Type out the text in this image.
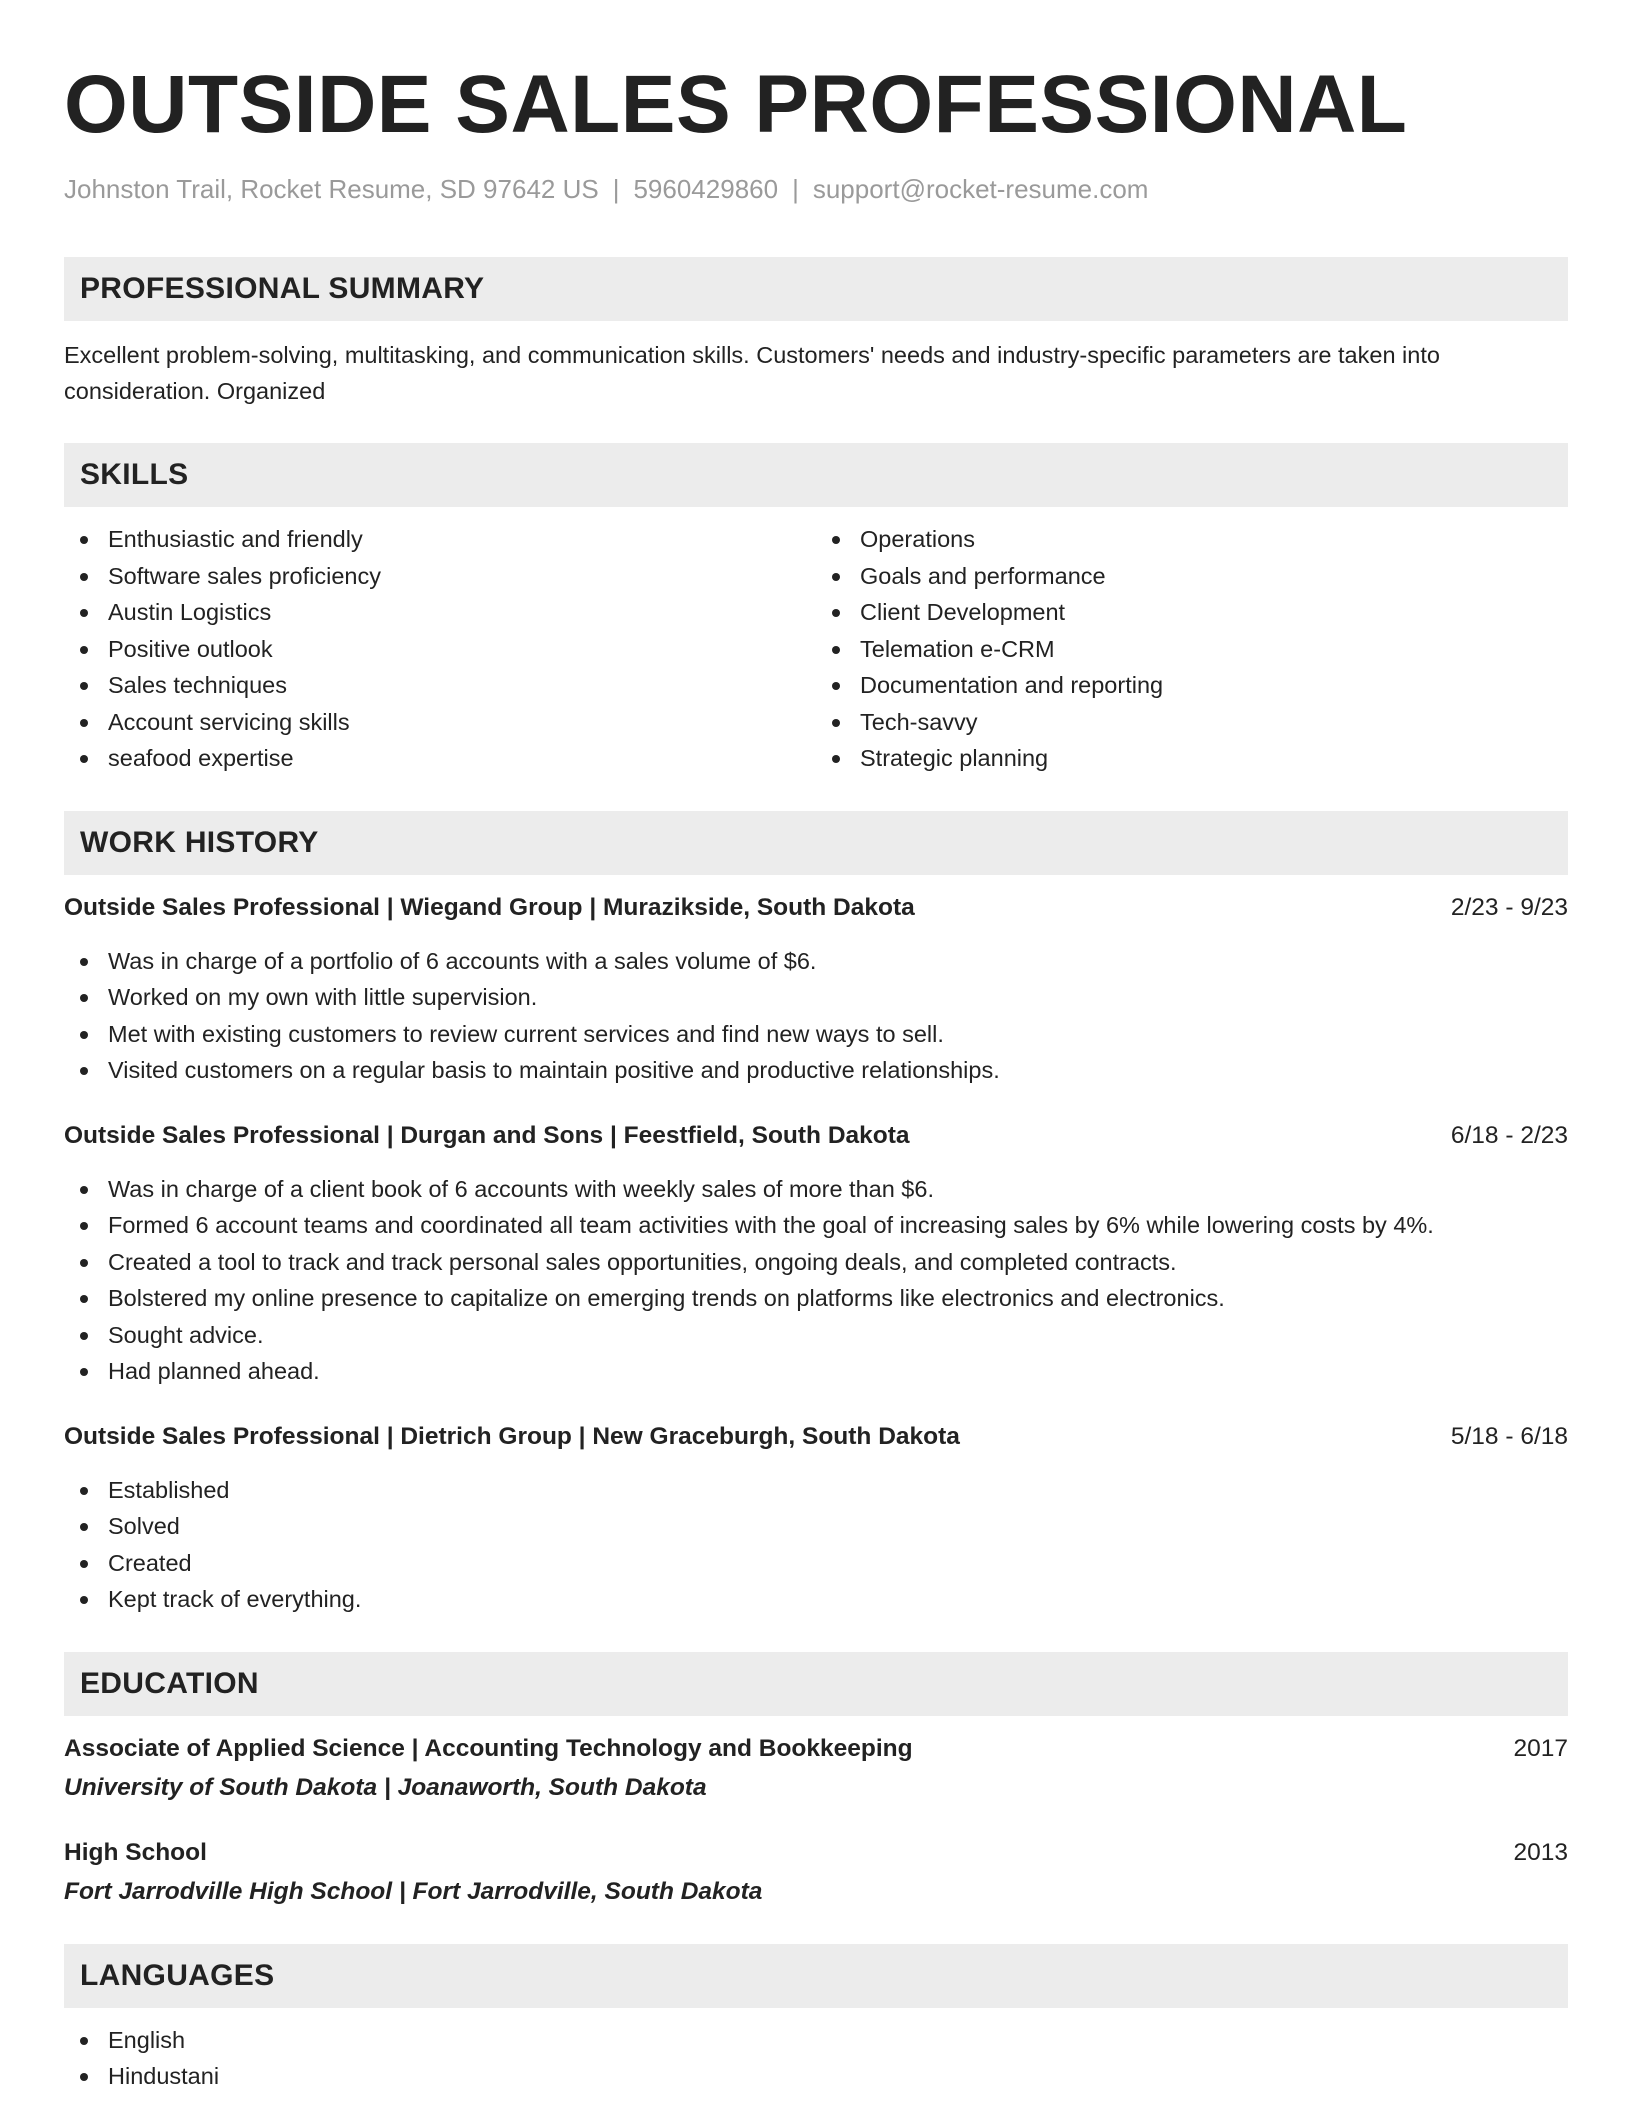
OUTSIDE SALES PROFESSIONAL
Johnston Trail, Rocket Resume, SD 97642 US | 5960429860 | support@rocket-resume.com
PROFESSIONAL SUMMARY
Excellent problem-solving, multitasking, and communication skills. Customers' needs and industry-specific parameters are taken into consideration. Organized
SKILLS
Enthusiastic and friendly
Software sales proficiency
Austin Logistics
Positive outlook
Sales techniques
Account servicing skills
seafood expertise
Operations
Goals and performance
Client Development
Telemation e-CRM
Documentation and reporting
Tech-savvy
Strategic planning
WORK HISTORY
Outside Sales Professional | Wiegand Group | Murazikside, South Dakota	2/23 - 9/23
Was in charge of a portfolio of 6 accounts with a sales volume of $6.
Worked on my own with little supervision.
Met with existing customers to review current services and find new ways to sell.
Visited customers on a regular basis to maintain positive and productive relationships.
Outside Sales Professional | Durgan and Sons | Feestfield, South Dakota	6/18 - 2/23
Was in charge of a client book of 6 accounts with weekly sales of more than $6.
Formed 6 account teams and coordinated all team activities with the goal of increasing sales by 6% while lowering costs by 4%.
Created a tool to track and track personal sales opportunities, ongoing deals, and completed contracts.
Bolstered my online presence to capitalize on emerging trends on platforms like electronics and electronics.
Sought advice.
Had planned ahead.
Outside Sales Professional | Dietrich Group | New Graceburgh, South Dakota	5/18 - 6/18
Established
Solved
Created
Kept track of everything.
EDUCATION
Associate of Applied Science | Accounting Technology and Bookkeeping	2017
University of South Dakota | Joanaworth, South Dakota
High School	2013
Fort Jarrodville High School | Fort Jarrodville, South Dakota
LANGUAGES
English
Hindustani
